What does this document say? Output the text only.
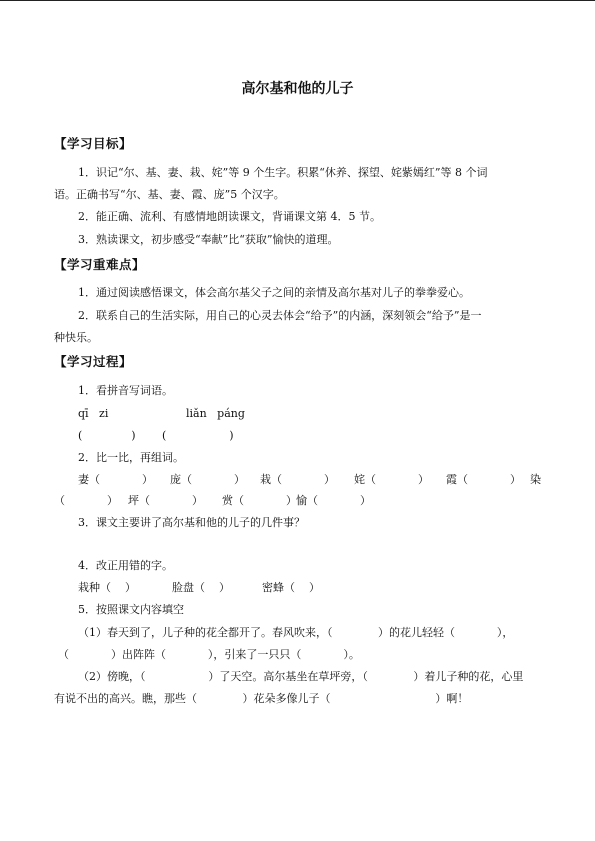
高尔基和他的儿子
【学习目标】
1．识记“尔、基、妻、栽、姹”等 9 个生字。积累“休养、探望、姹紫嫣红”等 8 个词
语。正确书写“尔、基、妻、霞、庞”5 个汉字。
2．能正确、流利、有感情地朗读课文，背诵课文第 4．5 节。
3．熟读课文，初步感受“奉献”比“获取”愉快的道理。
【学习重难点】
1．通过阅读感悟课文，体会高尔基父子之间的亲情及高尔基对儿子的拳拳爱心。
2．联系自己的生活实际，用自己的心灵去体会“给予”的内涵，深刻领会“给予”是一
种快乐。
【学习过程】
1．看拼音写词语。
qī   zi	liǎn   páng
(              )	(                  )
2．比一比，再组词。
妻（            ）	庞（            ）	栽（            ）	姹（            ）	霞（            ） 染
（            ） 坪（            ）	赏（            ） 愉（            ）
3．课文主要讲了高尔基和他的儿子的几件事？
4．改正用错的字。
栽种（    ）	脸盘（    ）	密蜂（    ）
5．按照课文内容填空
（1）春天到了，儿子种的花全都开了。春风吹来，（             ）的花儿轻轻（            ），
（            ）出阵阵（            ），引来了一只只（            ）。
（2）傍晚，（                  ）了天空。高尔基坐在草坪旁，（             ）着儿子种的花，心里
有说不出的高兴。瞧，那些（             ）花朵多像儿子（                              ）啊！
